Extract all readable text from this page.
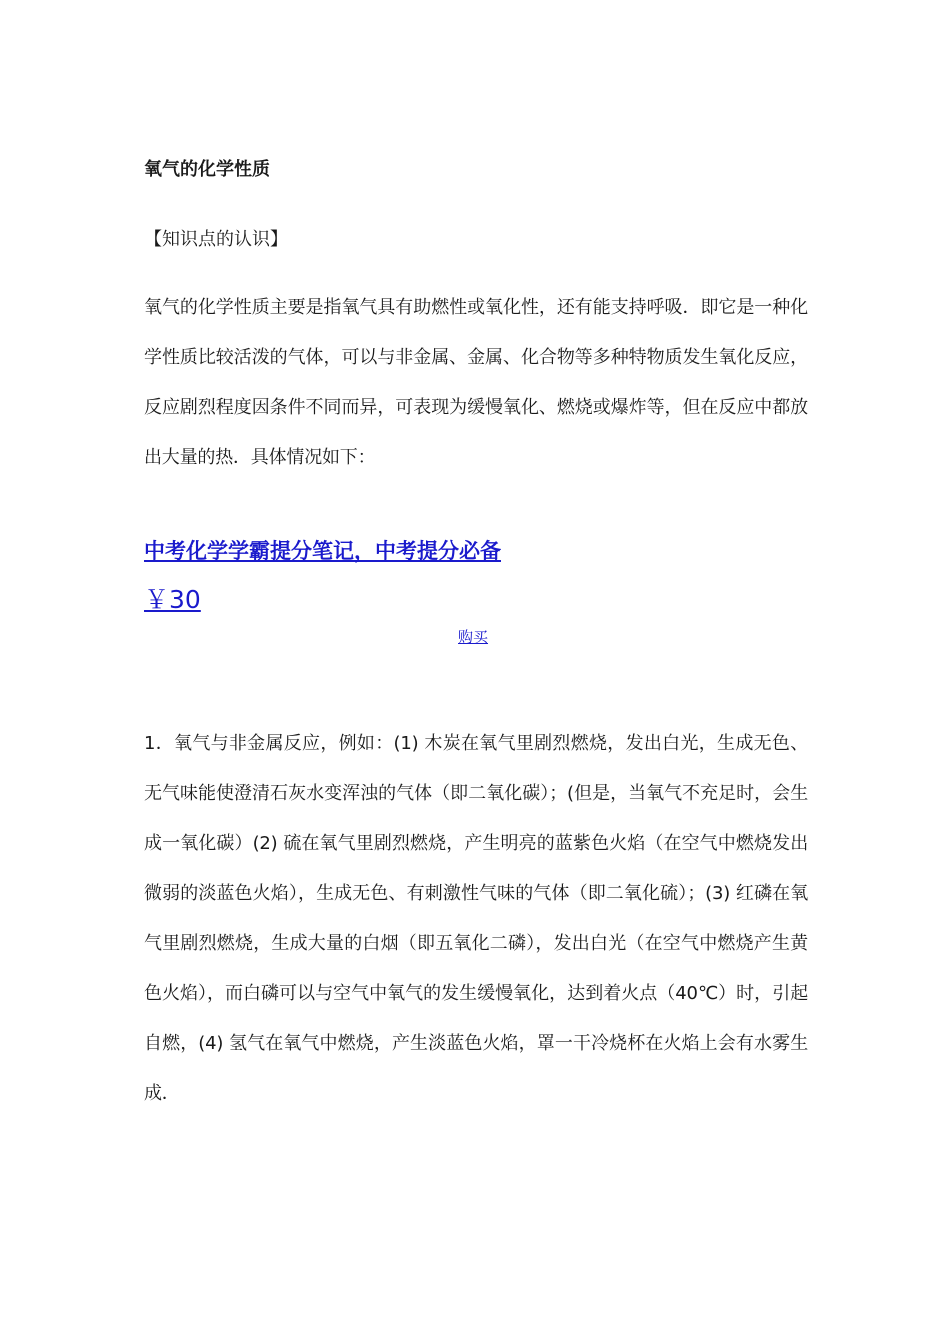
氧气的化学性质
【知识点的认识】

氧气的化学性质主要是指氧气具有助燃性或氧化性，还有能支持呼吸．即它是一种化学性质比较活泼的气体，可以与非金属、金属、化合物等多种特物质发生氧化反应，反应剧烈程度因条件不同而异，可表现为缓慢氧化、燃烧或爆炸等，但在反应中都放出大量的热．具体情况如下：

中考化学学霸提分笔记，中考提分必备
￥30
购买

1．氧气与非金属反应，例如：(1) 木炭在氧气里剧烈燃烧，发出白光，生成无色、无气味能使澄清石灰水变浑浊的气体（即二氧化碳）；(但是，当氧气不充足时，会生成一氧化碳）(2) 硫在氧气里剧烈燃烧，产生明亮的蓝紫色火焰（在空气中燃烧发出微弱的淡蓝色火焰），生成无色、有刺激性气味的气体（即二氧化硫）；(3) 红磷在氧气里剧烈燃烧，生成大量的白烟（即五氧化二磷），发出白光（在空气中燃烧产生黄色火焰），而白磷可以与空气中氧气的发生缓慢氧化，达到着火点（40℃）时，引起自燃，(4) 氢气在氧气中燃烧，产生淡蓝色火焰，罩一干冷烧杯在火焰上会有水雾生成．
